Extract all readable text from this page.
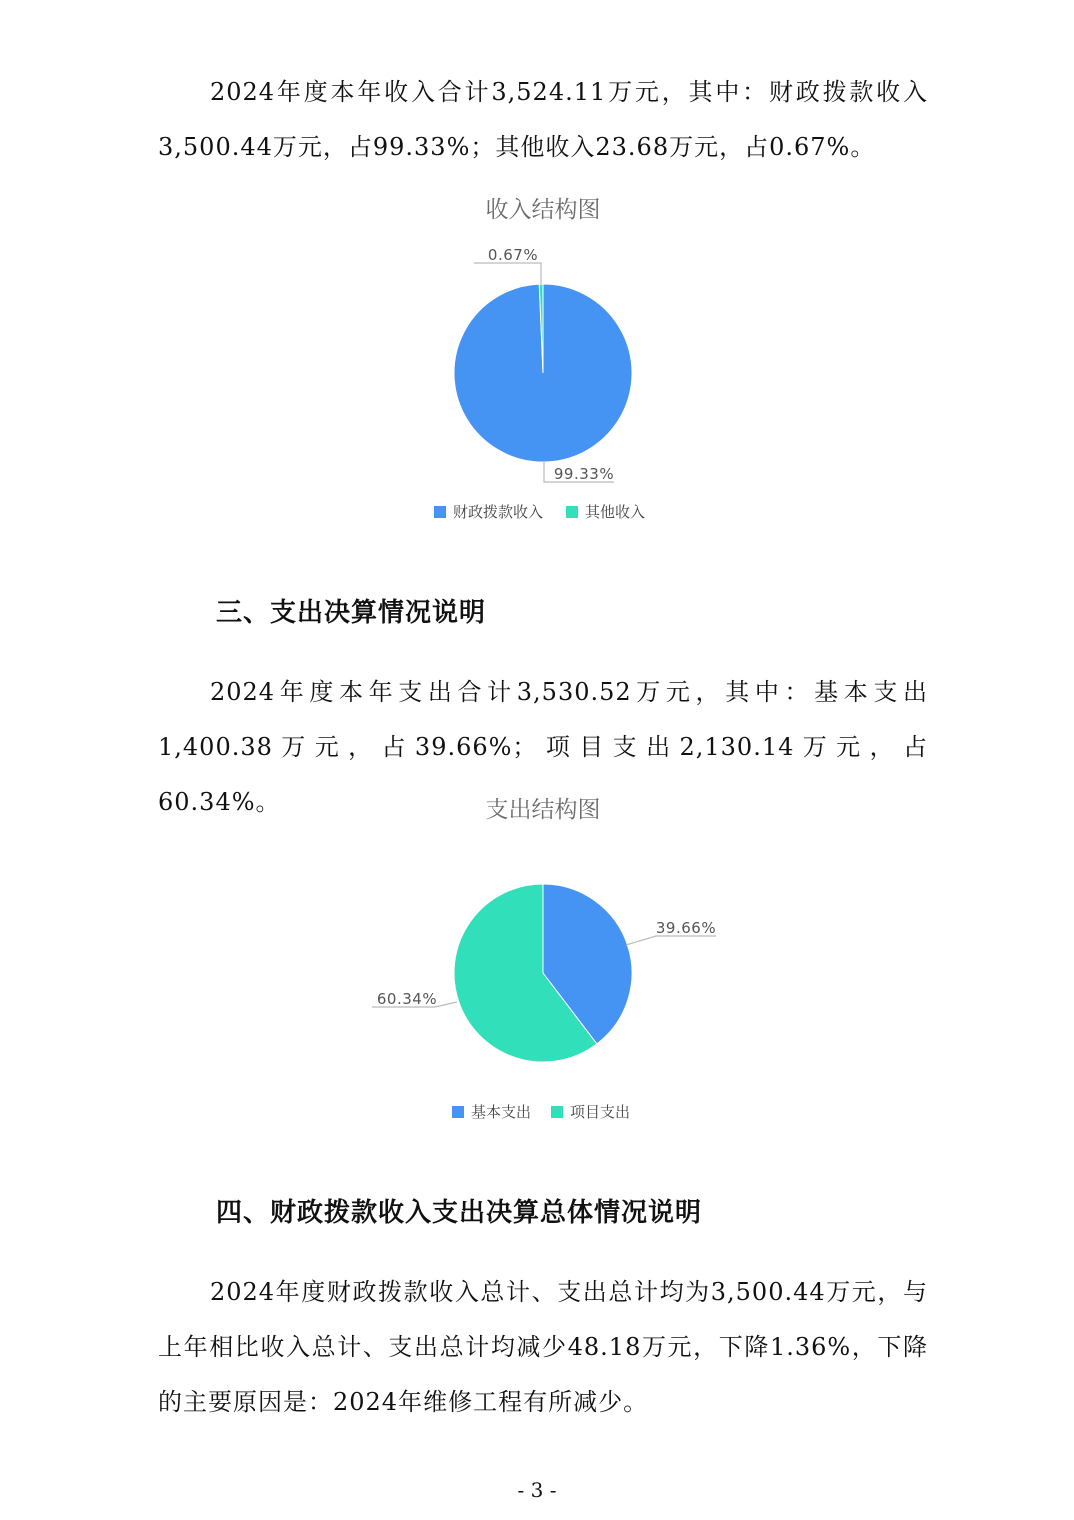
2024年度本年收入合计3,524.11万元，其中：财政拨款收入3,500.44万元，占99.33%；其他收入23.68万元，占0.67%。

收入结构图
0.67%
99.33%
财政拨款收入	其他收入
三、支出决算情况说明

2024年度本年支出合计3,530.52万元，其中：基本支出1,400.38万元，占39.66%；项目支出2,130.14万元，占60.34%。	支出结构图
39.66%
60.34%
基本支出	项目支出
四、财政拨款收入支出决算总体情况说明

2024年度财政拨款收入总计、支出总计均为3,500.44万元，与上年相比收入总计、支出总计均减少48.18万元，下降1.36%，下降的主要原因是：2024年维修工程有所减少。

- 3 -
